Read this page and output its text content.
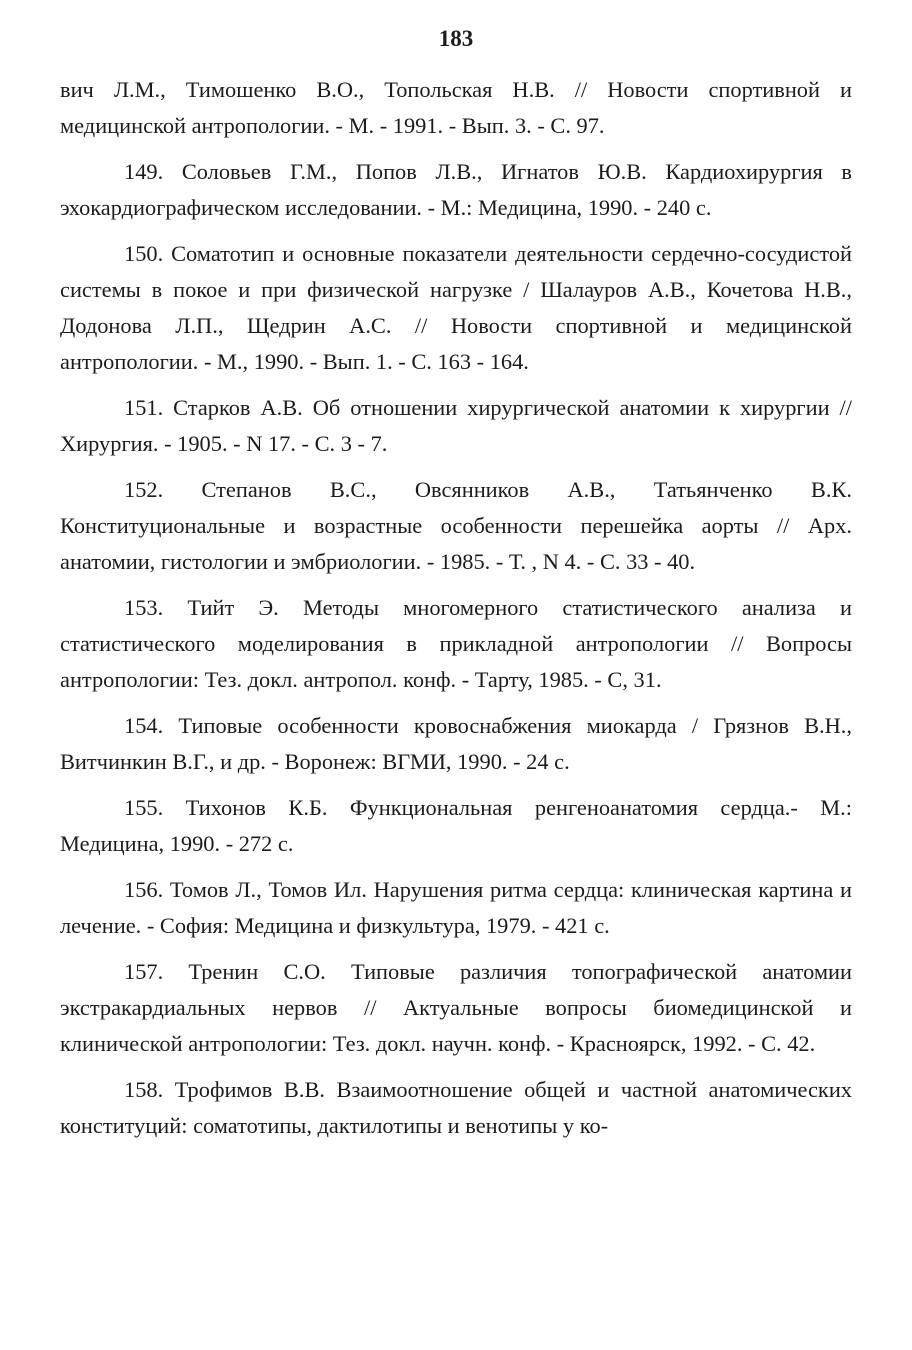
183

вич Л.М., Тимошенко В.О., Топольская Н.В. // Новости спортивной и медицинской антропологии. - М. - 1991. - Вып. 3. - С. 97.

149. Соловьев Г.М., Попов Л.В., Игнатов Ю.В. Кардиохирургия в эхокардиографическом исследовании. - М.: Медицина, 1990. - 240 с.

150. Соматотип и основные показатели деятельности сердечно-сосудистой системы в покое и при физической нагрузке / Шалауров А.В., Кочетова Н.В., Додонова Л.П., Щедрин А.С. // Новости спортивной и медицинской антропологии. - М., 1990. - Вып. 1. - С. 163 - 164.

151. Старков А.В. Об отношении хирургической анатомии к хирургии // Хирургия. - 1905. - N 17. - С. 3 - 7.

152. Степанов В.С., Овсянников А.В., Татьянченко В.К. Конституциональные и возрастные особенности перешейка аорты // Арх. анатомии, гистологии и эмбриологии. - 1985. - Т. , N 4. - С. 33 - 40.

153. Тийт Э. Методы многомерного статистического анализа и статистического моделирования в прикладной антропологии // Вопросы антропологии: Тез. докл. антропол. конф. - Тарту, 1985. - С, 31.

154. Типовые особенности кровоснабжения миокарда / Грязнов В.Н., Витчинкин В.Г., и др. - Воронеж: ВГМИ, 1990. - 24 с.

155. Тихонов К.Б. Функциональная ренгеноанатомия сердца.- М.: Медицина, 1990. - 272 с.

156. Томов Л., Томов Ил. Нарушения ритма сердца: клиническая картина и лечение. - София: Медицина и физкультура, 1979. - 421 с.

157. Тренин С.О. Типовые различия топографической анатомии экстракардиальных нервов // Актуальные вопросы биомедицинской и клинической антропологии: Тез. докл. научн. конф. - Красноярск, 1992. - С. 42.

158. Трофимов В.В. Взаимоотношение общей и частной анатомических конституций: соматотипы, дактилотипы и венотипы у ко-
